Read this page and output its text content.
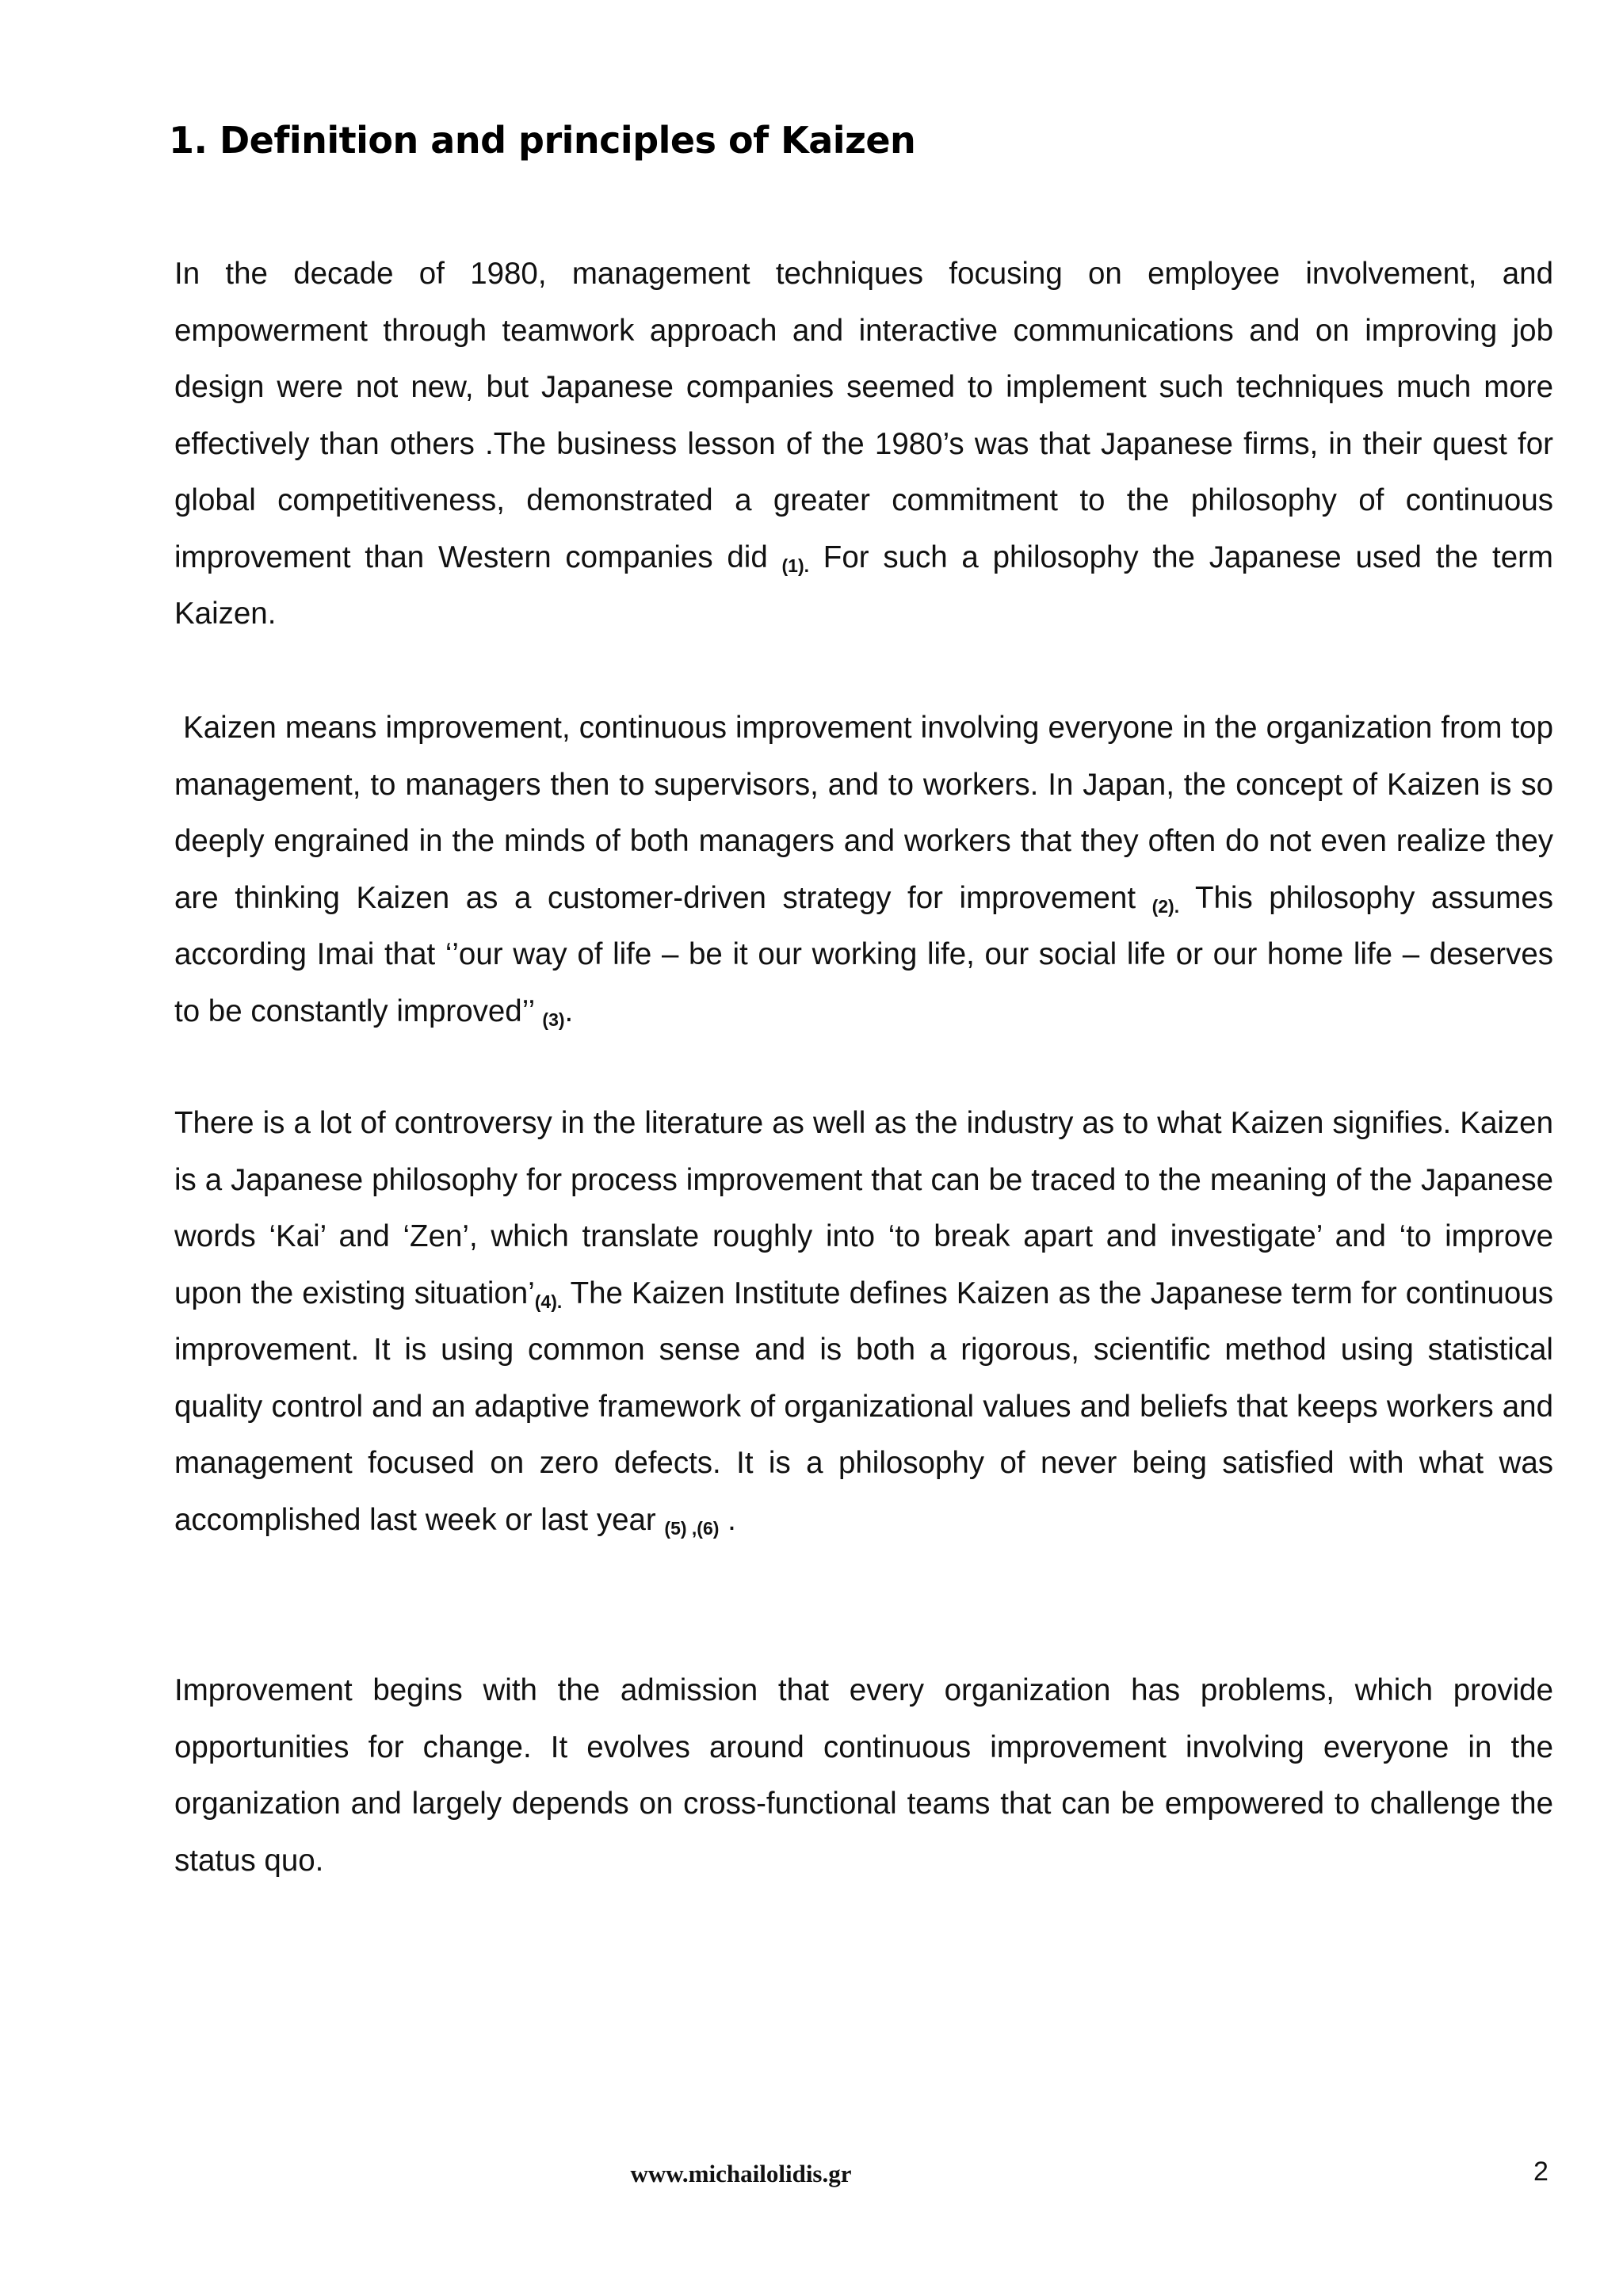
1. Definition and principles of Kaizen

In the decade of 1980, management techniques focusing on employee involvement, and empowerment through teamwork approach and interactive communications and on improving job design were not new, but Japanese companies seemed to implement such techniques much more effectively than others .The business lesson of the 1980’s was that Japanese firms, in their quest for global competitiveness, demonstrated a greater commitment to the philosophy of continuous improvement than Western companies did (1). For such a philosophy the Japanese used the term Kaizen.

Kaizen means improvement, continuous improvement involving everyone in the organization from top management, to managers then to supervisors, and to workers. In Japan, the concept of Kaizen is so deeply engrained in the minds of both managers and workers that they often do not even realize they are thinking Kaizen as a customer-driven strategy for improvement (2). This philosophy assumes according Imai that ‘’our way of life – be it our working life, our social life or our home life – deserves to be constantly improved’’ (3).

There is a lot of controversy in the literature as well as the industry as to what Kaizen signifies. Kaizen is a Japanese philosophy for process improvement that can be traced to the meaning of the Japanese words ‘Kai’ and ‘Zen’, which translate roughly into ‘to break apart and investigate’ and ‘to improve upon the existing situation’(4). The Kaizen Institute defines Kaizen as the Japanese term for continuous improvement. It is using common sense and is both a rigorous, scientific method using statistical quality control and an adaptive framework of organizational values and beliefs that keeps workers and management focused on zero defects. It is a philosophy of never being satisfied with what was accomplished last week or last year (5) ,(6) .

Improvement begins with the admission that every organization has problems, which provide opportunities for change. It evolves around continuous improvement involving everyone in the organization and largely depends on cross-functional teams that can be empowered to challenge the status quo.

www.michailolidis.gr	2
